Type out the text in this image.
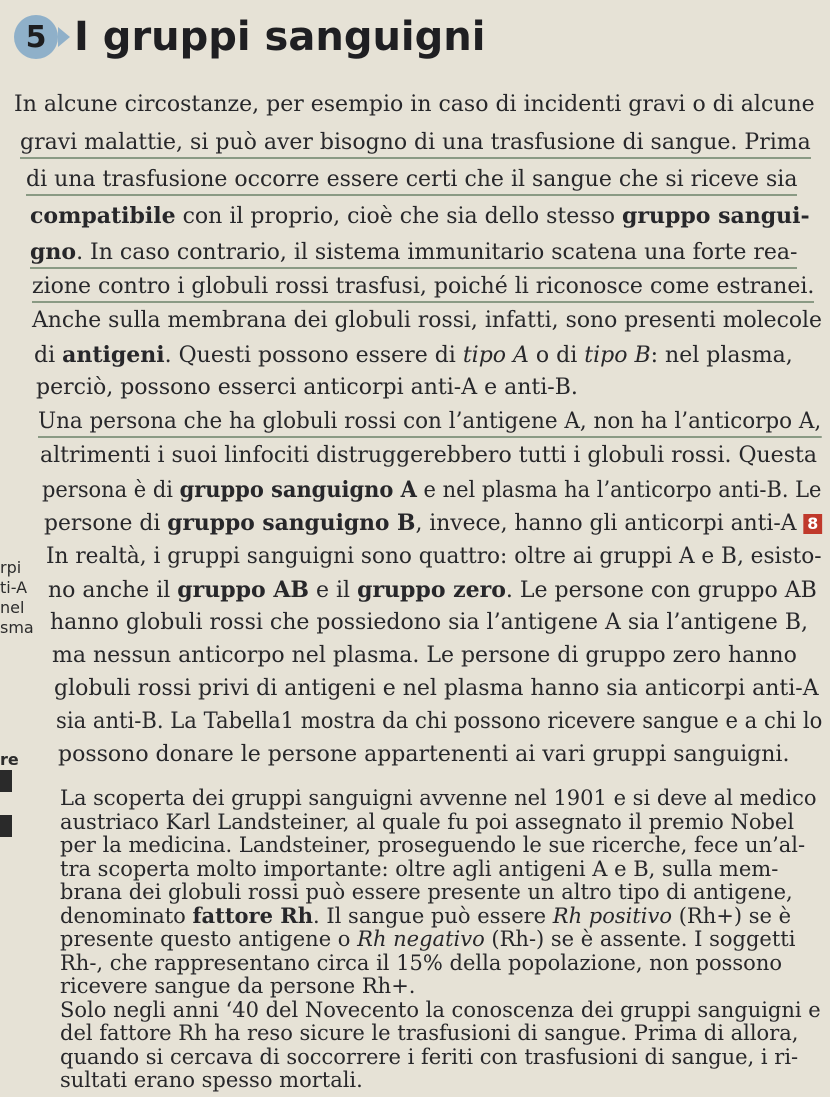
5 I gruppi sanguigni
rpi
ti-A
nel
sma
re
In alcune circostanze, per esempio in caso di incidenti gravi o di alcune
gravi malattie, si può aver bisogno di una trasfusione di sangue. Prima
di una trasfusione occorre essere certi che il sangue che si riceve sia
compatibile con il proprio, cioè che sia dello stesso gruppo sangui-
gno. In caso contrario, il sistema immunitario scatena una forte rea-
zione contro i globuli rossi trasfusi, poiché li riconosce come estranei.
Anche sulla membrana dei globuli rossi, infatti, sono presenti molecole
di antigeni. Questi possono essere di tipo A o di tipo B: nel plasma,
perciò, possono esserci anticorpi anti-A e anti-B.
Una persona che ha globuli rossi con l’antigene A, non ha l’anticorpo A,
altrimenti i suoi linfociti distruggerebbero tutti i globuli rossi. Questa
persona è di gruppo sanguigno A e nel plasma ha l’anticorpo anti-B. Le
persone di gruppo sanguigno B, invece, hanno gli anticorpi anti-A 8
In realtà, i gruppi sanguigni sono quattro: oltre ai gruppi A e B, esisto-
no anche il gruppo AB e il gruppo zero. Le persone con gruppo AB
hanno globuli rossi che possiedono sia l’antigene A sia l’antigene B,
ma nessun anticorpo nel plasma. Le persone di gruppo zero hanno
globuli rossi privi di antigeni e nel plasma hanno sia anticorpi anti-A
sia anti-B. La Tabella1 mostra da chi possono ricevere sangue e a chi lo
possono donare le persone appartenenti ai vari gruppi sanguigni.
La scoperta dei gruppi sanguigni avvenne nel 1901 e si deve al medico
austriaco Karl Landsteiner, al quale fu poi assegnato il premio Nobel
per la medicina. Landsteiner, proseguendo le sue ricerche, fece un’al-
tra scoperta molto importante: oltre agli antigeni A e B, sulla mem-
brana dei globuli rossi può essere presente un altro tipo di antigene,
denominato fattore Rh. Il sangue può essere Rh positivo (Rh+) se è
presente questo antigene o Rh negativo (Rh-) se è assente. I soggetti
Rh-, che rappresentano circa il 15% della popolazione, non possono
ricevere sangue da persone Rh+.
Solo negli anni ‘40 del Novecento la conoscenza dei gruppi sanguigni e
del fattore Rh ha reso sicure le trasfusioni di sangue. Prima di allora,
quando si cercava di soccorrere i feriti con trasfusioni di sangue, i ri-
sultati erano spesso mortali.
